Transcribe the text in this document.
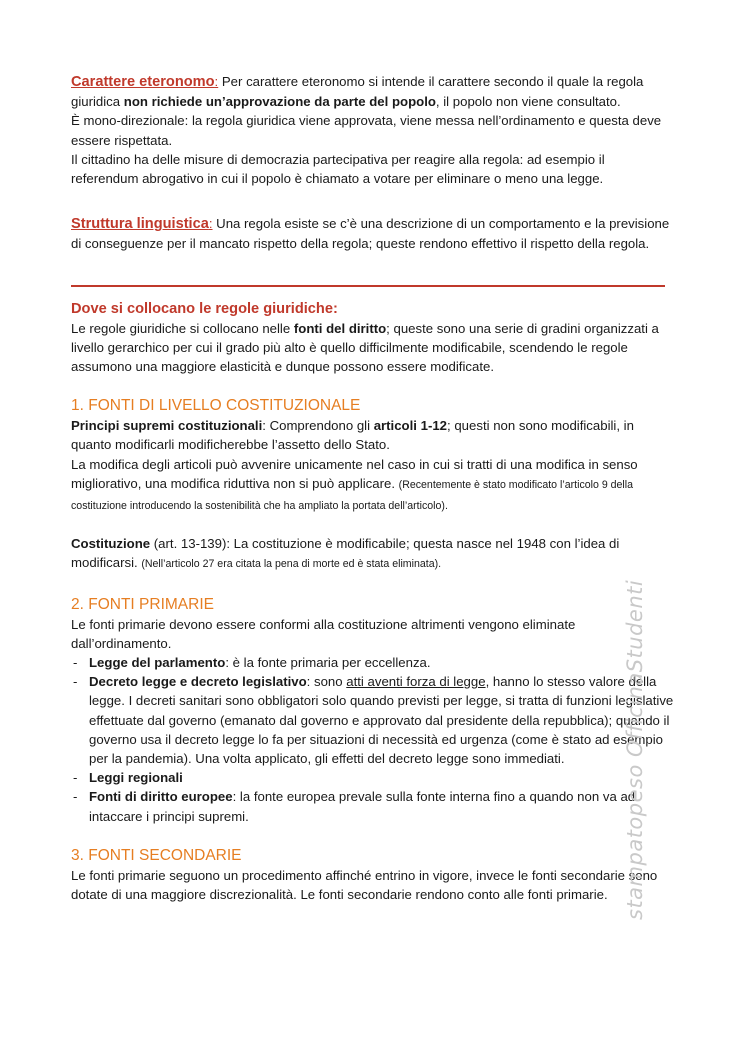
Carattere eteronomo: Per carattere eteronomo si intende il carattere secondo il quale la regola giuridica non richiede un’approvazione da parte del popolo, il popolo non viene consultato.

È mono-direzionale: la regola giuridica viene approvata, viene messa nell’ordinamento e questa deve essere rispettata.

Il cittadino ha delle misure di democrazia partecipativa per reagire alla regola: ad esempio il referendum abrogativo in cui il popolo è chiamato a votare per eliminare o meno una legge.

Struttura linguistica: Una regola esiste se c’è una descrizione di un comportamento e la previsione di conseguenze per il mancato rispetto della regola; queste rendono effettivo il rispetto della regola.

Dove si collocano le regole giuridiche:

Le regole giuridiche si collocano nelle fonti del diritto; queste sono una serie di gradini organizzati a livello gerarchico per cui il grado più alto è quello difficilmente modificabile, scendendo le regole assumono una maggiore elasticità e dunque possono essere modificate.

1. FONTI DI LIVELLO COSTITUZIONALE

Principi supremi costituzionali: Comprendono gli articoli 1-12; questi non sono modificabili, in quanto modificarli modificherebbe l’assetto dello Stato.

La modifica degli articoli può avvenire unicamente nel caso in cui si tratti di una modifica in senso migliorativo, una modifica riduttiva non si può applicare. (Recentemente è stato modificato l’articolo 9 della costituzione introducendo la sostenibilità che ha ampliato la portata dell’articolo).

Costituzione (art. 13-139): La costituzione è modificabile; questa nasce nel 1948 con l’idea di modificarsi. (Nell’articolo 27 era citata la pena di morte ed è stata eliminata).

2. FONTI PRIMARIE

Le fonti primarie devono essere conformi alla costituzione altrimenti vengono eliminate dall’ordinamento.

- Legge del parlamento: è la fonte primaria per eccellenza.
- Decreto legge e decreto legislativo: sono atti aventi forza di legge, hanno lo stesso valore della legge. I decreti sanitari sono obbligatori solo quando previsti per legge, si tratta di funzioni legislative effettuate dal governo (emanato dal governo e approvato dal presidente della repubblica); quando il governo usa il decreto legge lo fa per situazioni di necessità ed urgenza (come è stato ad esempio per la pandemia). Una volta applicato, gli effetti del decreto legge sono immediati.
- Leggi regionali
- Fonti di diritto europee: la fonte europea prevale sulla fonte interna fino a quando non va ad intaccare i principi supremi.
3. FONTI SECONDARIE

Le fonti primarie seguono un procedimento affinché entrino in vigore, invece le fonti secondarie sono dotate di una maggiore discrezionalità. Le fonti secondarie rendono conto alle fonti primarie. stampatopeso OfficinaStudenti
